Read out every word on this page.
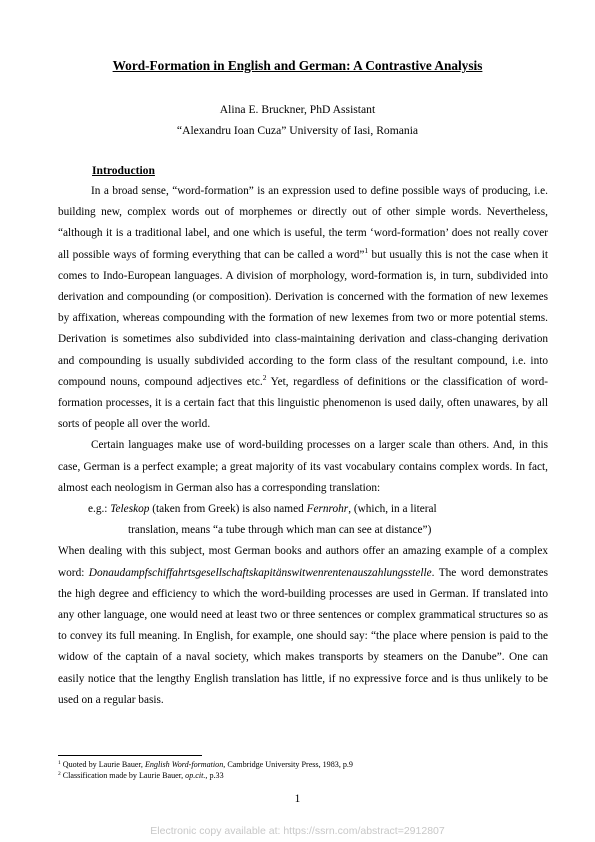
Word-Formation in English and German: A Contrastive Analysis
Alina E. Bruckner, PhD Assistant
“Alexandru Ioan Cuza” University of Iasi, Romania
Introduction

In a broad sense, “word-formation” is an expression used to define possible ways of producing, i.e. building new, complex words out of morphemes or directly out of other simple words. Nevertheless, “although it is a traditional label, and one which is useful, the term ‘word-formation’ does not really cover all possible ways of forming everything that can be called a word”$^1$ but usually this is not the case when it comes to Indo-European languages. A division of morphology, word-formation is, in turn, subdivided into derivation and compounding (or composition). Derivation is concerned with the formation of new lexemes by affixation, whereas compounding with the formation of new lexemes from two or more potential stems. Derivation is sometimes also subdivided into class-maintaining derivation and class-changing derivation and compounding is usually subdivided according to the form class of the resultant compound, i.e. into compound nouns, compound adjectives etc.$^2$ Yet, regardless of definitions or the classification of word-formation processes, it is a certain fact that this linguistic phenomenon is used daily, often unawares, by all sorts of people all over the world.

Certain languages make use of word-building processes on a larger scale than others. And, in this case, German is a perfect example; a great majority of its vast vocabulary contains complex words. In fact, almost each neologism in German also has a corresponding translation:

e.g.: Teleskop (taken from Greek) is also named Fernrohr, (which, in a literal
translation, means “a tube through which man can see at distance”)

When dealing with this subject, most German books and authors offer an amazing example of a complex word: Donaudampfschiffahrtsgesellschaftskapitänswitwenrentenauszahlungsstelle. The word demonstrates the high degree and efficiency to which the word-building processes are used in German. If translated into any other language, one would need at least two or three sentences or complex grammatical structures so as to convey its full meaning. In English, for example, one should say: “the place where pension is paid to the widow of the captain of a naval society, which makes transports by steamers on the Danube”. One can easily notice that the lengthy English translation has little, if no expressive force and is thus unlikely to be used on a regular basis.

$^1$ Quoted by Laurie Bauer, English Word-formation, Cambridge University Press, 1983, p.9
$^2$ Classification made by Laurie Bauer, op.cit., p.33
1
Electronic copy available at: https://ssrn.com/abstract=2912807
